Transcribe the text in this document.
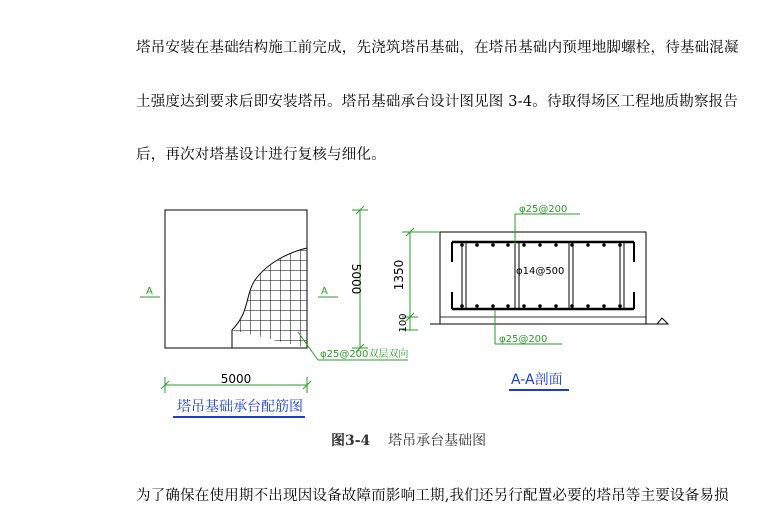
塔吊安装在基础结构施工前完成，先浇筑塔吊基础，在塔吊基础内预埋地脚螺栓，待基础混凝
土强度达到要求后即安装塔吊。塔吊基础承台设计图见图 3-4。待取得场区工程地质勘察报告
后，再次对塔基设计进行复核与细化。
A	A 5000
5000
φ25@200双层双向
塔吊基础承台配筋图
φ25@200
φ14@500
φ25@200
1350
100
A-A剖面
图3-4 塔吊承台基础图
为了确保在使用期不出现因设备故障而影响工期,我们还另行配置必要的塔吊等主要设备易损
